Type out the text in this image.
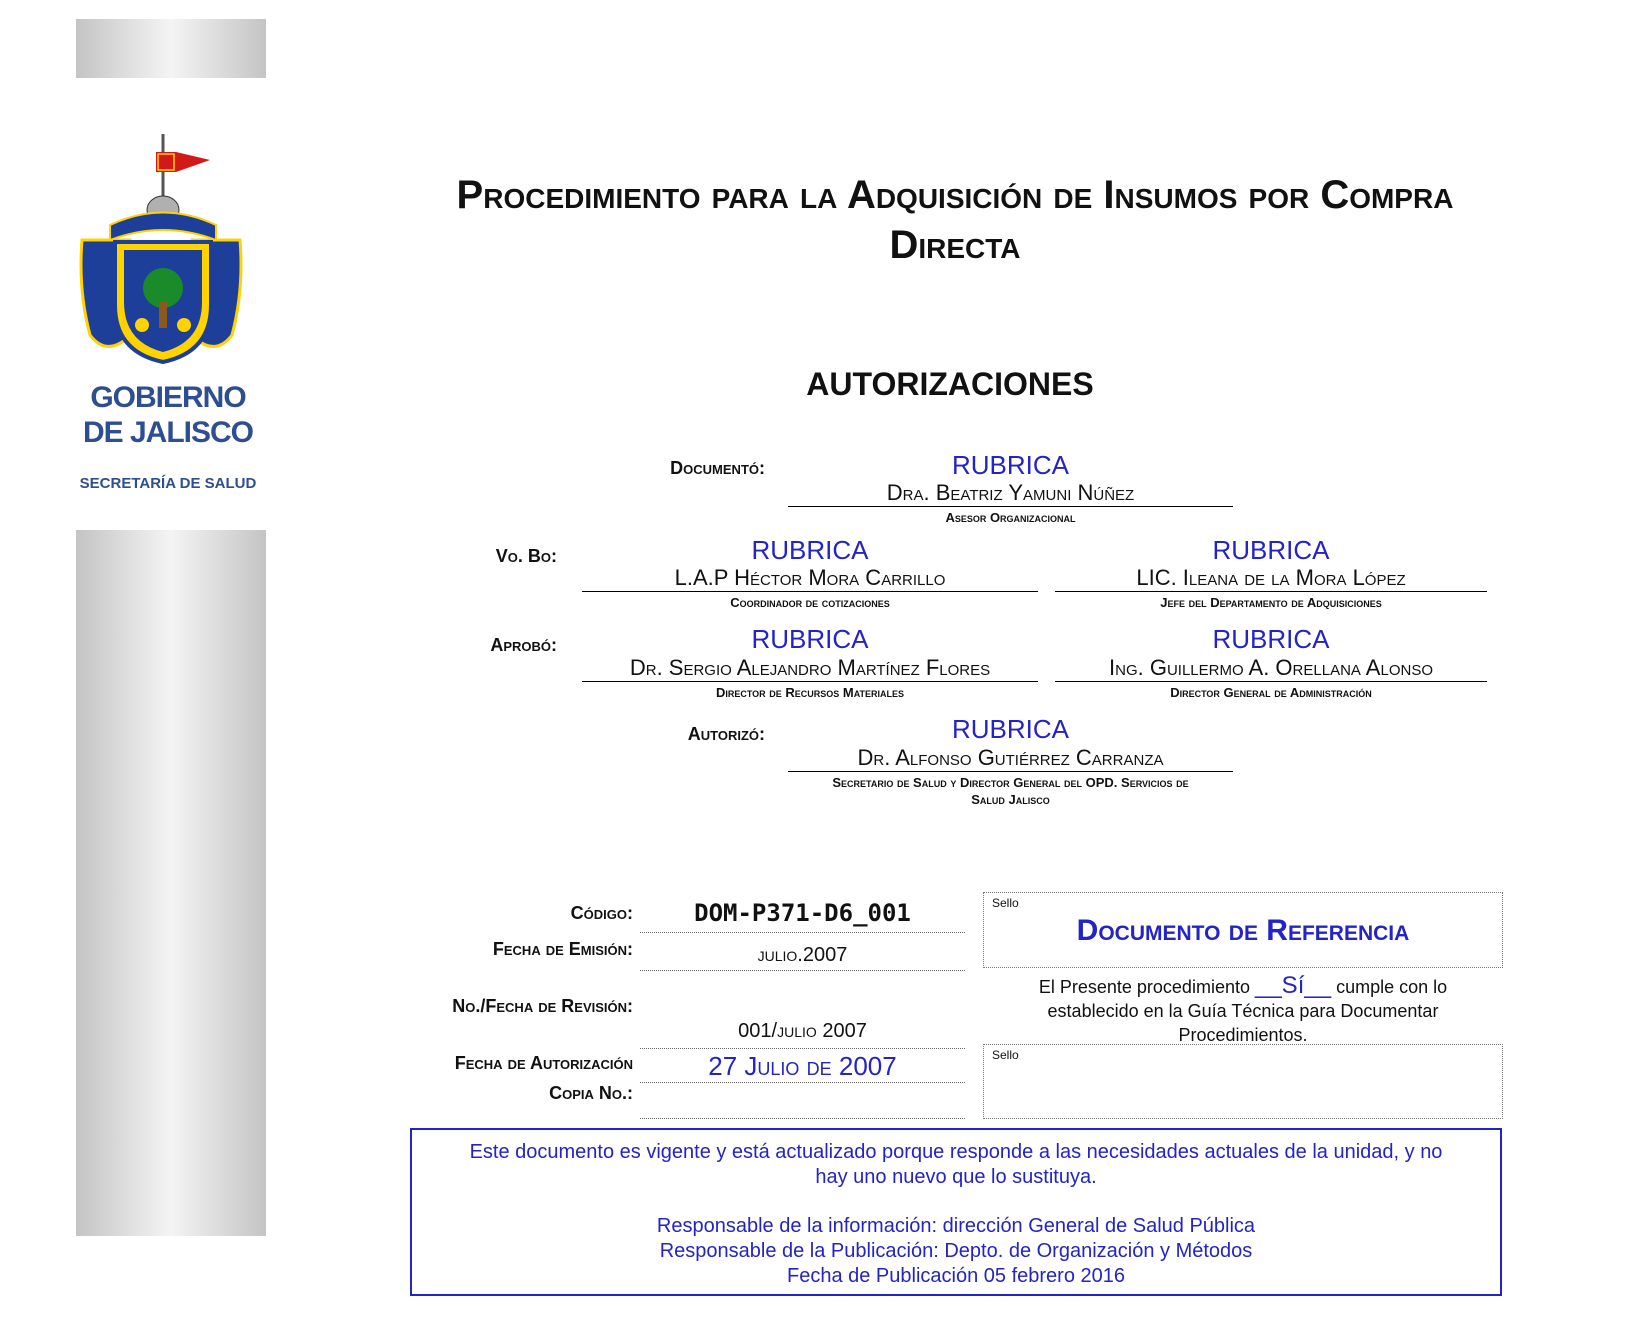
GOBIERNO
DE JALISCO
SECRETARÍA DE SALUD
Procedimiento para la Adquisición de Insumos por Compra
Directa
AUTORIZACIONES
Documentó:	RUBRICA
Dra. Beatriz Yamuni Núñez
Asesor Organizacional
Vo. Bo:	RUBRICA
L.A.P Héctor Mora Carrillo
Coordinador de cotizaciones
RUBRICA
LIC. Ileana de la Mora López
Jefe del Departamento de Adquisiciones
Aprobó:	RUBRICA
Dr. Sergio Alejandro Martínez Flores
Director de Recursos Materiales
RUBRICA
Ing. Guillermo A. Orellana Alonso
Director General de Administración
Autorizó:	RUBRICA
Dr. Alfonso Gutiérrez Carranza
Secretario de Salud y Director General del OPD. Servicios de
Salud Jalisco
Código:	DOM-P371-D6_001
Fecha de Emisión:	julio.2007
No./Fecha de Revisión:
001/julio 2007
Fecha de Autorización	27 Julio de 2007
Copia No.:
Sello
Documento de Referencia
El Presente procedimiento __Sí__ cumple con lo
establecido en la Guía Técnica para Documentar
Procedimientos.
Sello
Este documento es vigente y está actualizado porque responde a las necesidades actuales de la unidad, y no
hay uno nuevo que lo sustituya.
Responsable de la información: dirección General de Salud Pública
Responsable de la Publicación: Depto. de Organización y Métodos
Fecha de Publicación 05 febrero 2016
